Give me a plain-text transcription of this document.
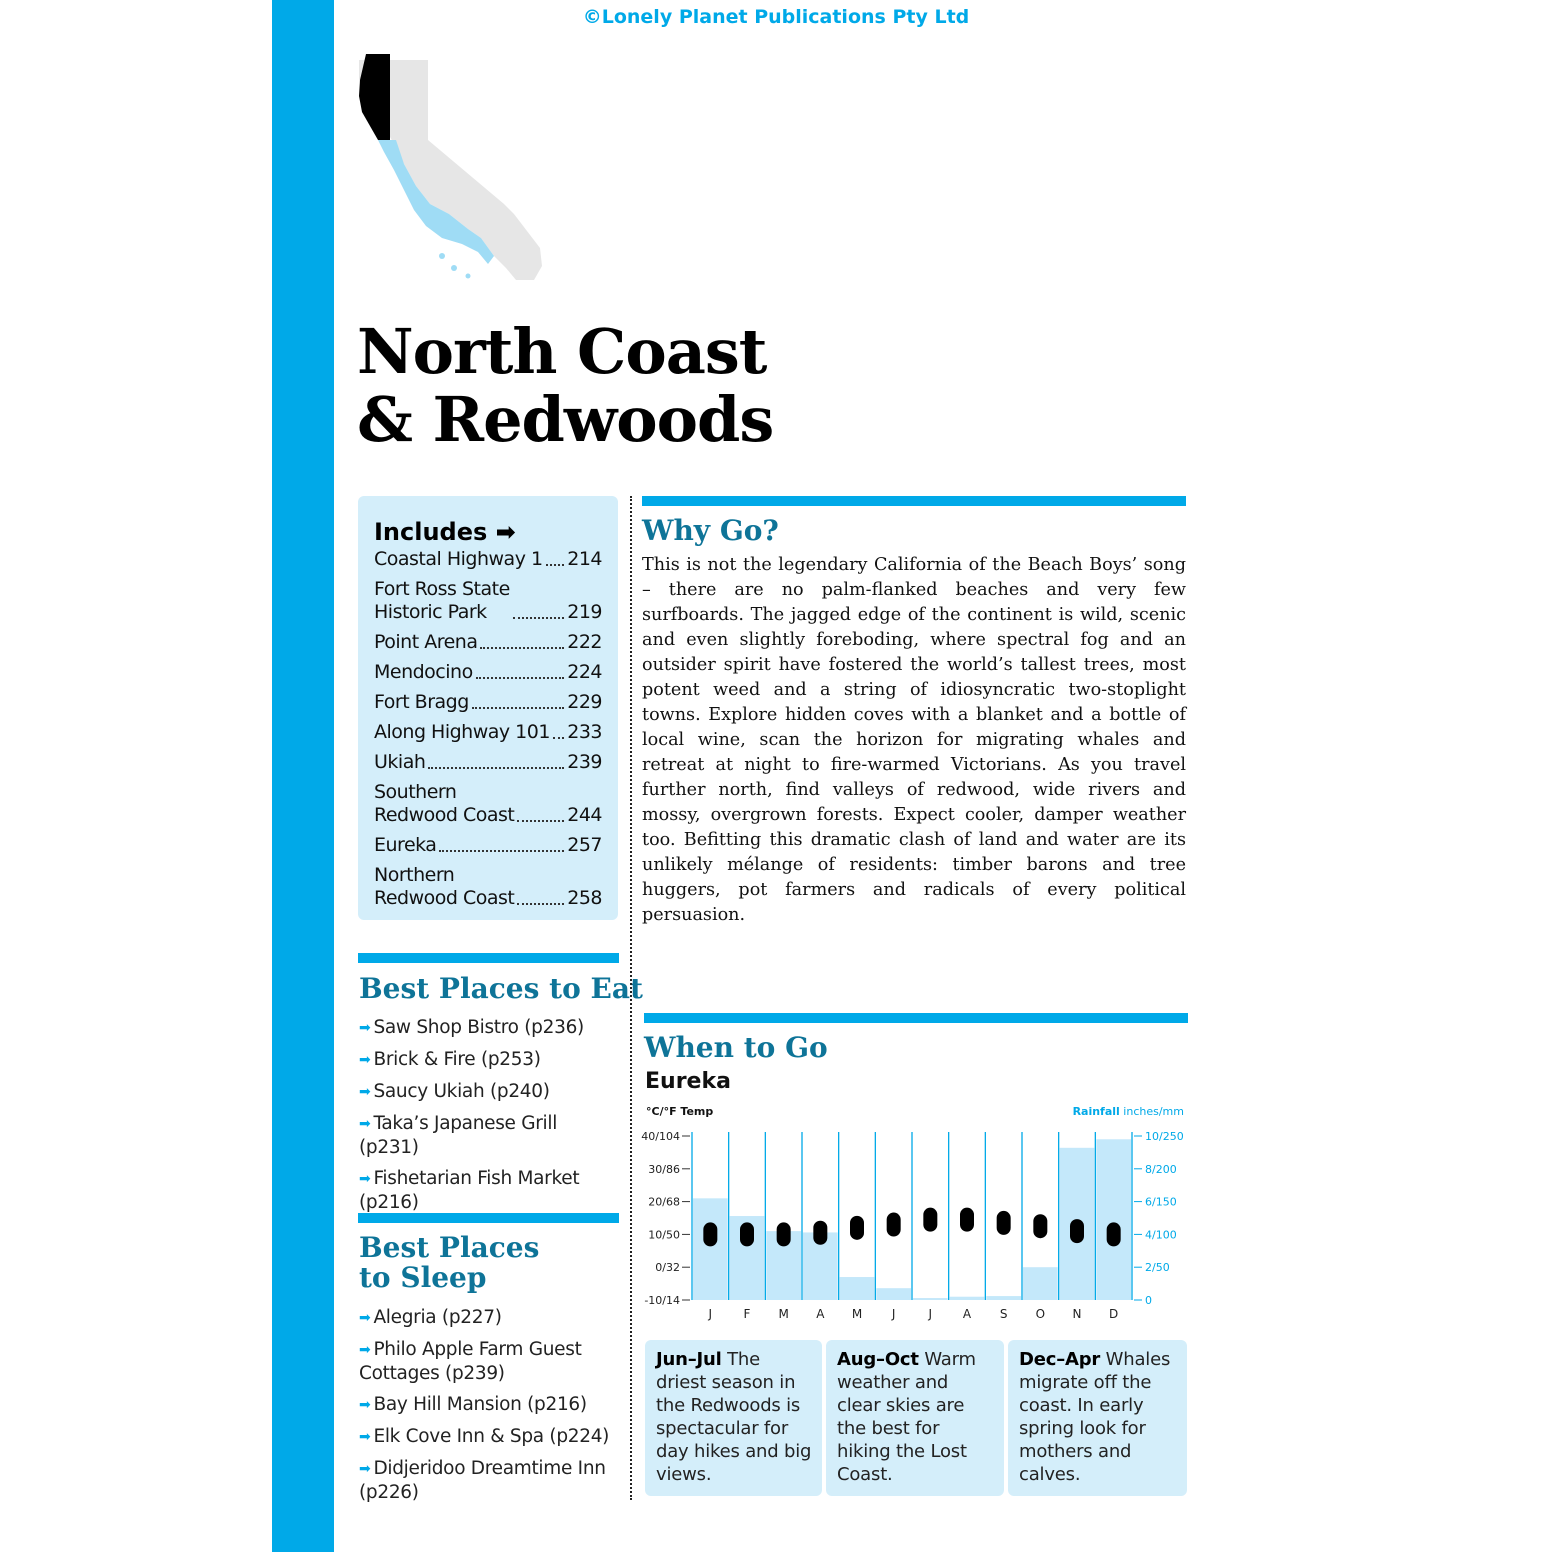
©Lonely Planet Publications Pty Ltd
North Coast
& Redwoods
Includes ➡
Coastal Highway 1 214
Fort Ross State
Historic Park	219
Point Arena	222
Mendocino	224
Fort Bragg	229
Along Highway 101 233
Ukiah	239
Southern
Redwood Coast	244
Eureka	257
Northern
Redwood Coast	258
Best Places to Eat
➡ Saw Shop Bistro (p236)
➡ Brick & Fire (p253)
➡ Saucy Ukiah (p240)
➡ Taka’s Japanese Grill (p231)
➡ Fishetarian Fish Market (p216)
Best Places
to Sleep
➡ Alegria (p227)
➡ Philo Apple Farm Guest Cottages (p239)
➡ Bay Hill Mansion (p216)
➡ Elk Cove Inn & Spa (p224)
➡ Didjeridoo Dreamtime Inn (p226)
Why Go?

This is not the legendary California of the Beach Boys’ song – there are no palm-flanked beaches and very few surfboards. The jagged edge of the continent is wild, scenic and even slightly foreboding, where spectral fog and an outsider spirit have fostered the world’s tallest trees, most potent weed and a string of idiosyncratic two-stoplight towns. Explore hidden coves with a blanket and a bottle of local wine, scan the horizon for migrating whales and retreat at night to fire-warmed Victorians. As you travel further north, find valleys of redwood, wide rivers and mossy, overgrown forests. Expect cooler, damper weather too. Befitting this dramatic clash of land and water are its unlikely mélange of residents: timber barons and tree huggers, pot farmers and radicals of every political persuasion.

When to Go
Eureka
°C/°F Temp	Rainfall inches/mm
40/104
30/86
20/68
10/50
0/32
-10/14
10/250
8/200
6/150
4/100
2/50
0
J	F M A M J	J	A S O N D
Jun–Jul The driest season in the Redwoods is spectacular for day hikes and big views.
Aug–Oct Warm weather and clear skies are the best for hiking the Lost Coast.
Dec–Apr Whales migrate off the coast. In early spring look for mothers and calves.
